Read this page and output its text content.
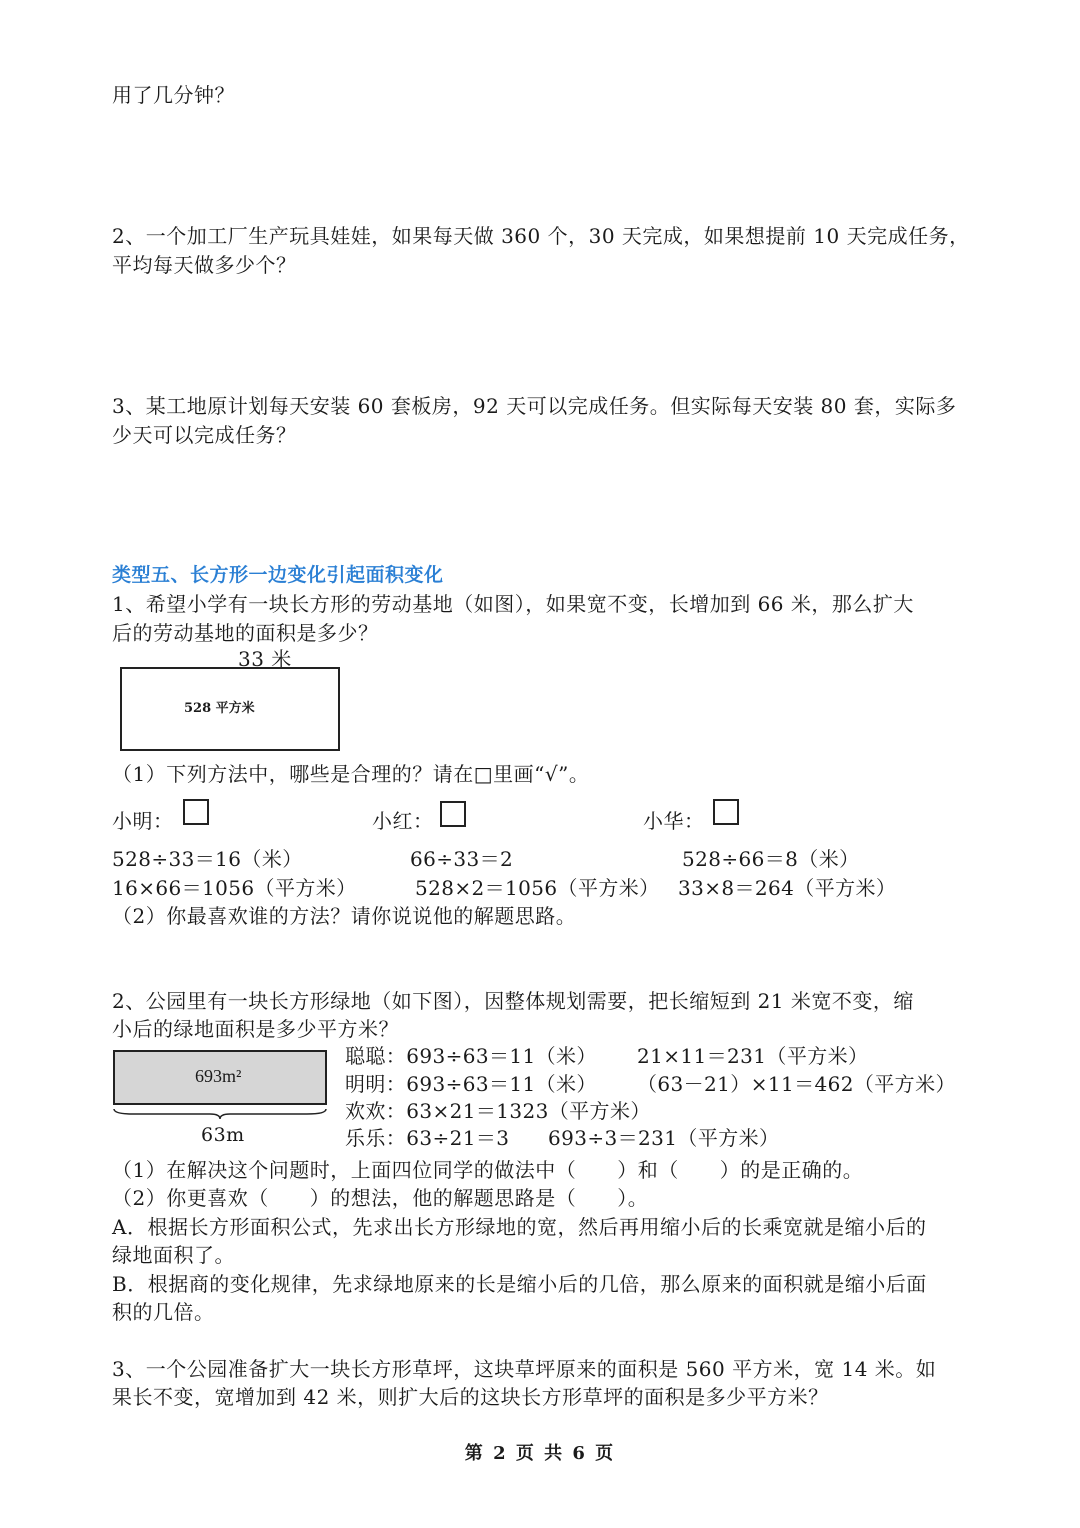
用了几分钟？
2、一个加工厂生产玩具娃娃，如果每天做 360 个，30 天完成，如果想提前 10 天完成任务，
平均每天做多少个？
3、某工地原计划每天安装 60 套板房，92 天可以完成任务。但实际每天安装 80 套，实际多
少天可以完成任务？
类型五、长方形一边变化引起面积变化
1、希望小学有一块长方形的劳动基地（如图），如果宽不变，长增加到 66 米，那么扩大
后的劳动基地的面积是多少？
33 米
528 平方米
（1）下列方法中，哪些是合理的？请在□里画“√”。
小明：	小红：	小华：
528÷33＝16（米）	66÷33＝2	528÷66＝8（米）
16×66＝1056（平方米）	528×2＝1056（平方米） 33×8＝264（平方米）
（2）你最喜欢谁的方法？请你说说他的解题思路。
2、公园里有一块长方形绿地（如下图），因整体规划需要，把长缩短到 21 米宽不变，缩
小后的绿地面积是多少平方米？
693m²
63m
聪聪：693÷63＝11（米） 21×11＝231（平方米）
明明：693÷63＝11（米） （63－21）×11＝462（平方米）
欢欢：63×21＝1323（平方米）
乐乐：63÷21＝3 693÷3＝231（平方米）
（1）在解决这个问题时，上面四位同学的做法中（　　）和（　　）的是正确的。
（2）你更喜欢（　　）的想法，他的解题思路是（　　）。
A．根据长方形面积公式，先求出长方形绿地的宽，然后再用缩小后的长乘宽就是缩小后的
绿地面积了。
B．根据商的变化规律，先求绿地原来的长是缩小后的几倍，那么原来的面积就是缩小后面
积的几倍。
3、一个公园准备扩大一块长方形草坪，这块草坪原来的面积是 560 平方米，宽 14 米。如
果长不变，宽增加到 42 米，则扩大后的这块长方形草坪的面积是多少平方米？
第 2 页 共 6 页
